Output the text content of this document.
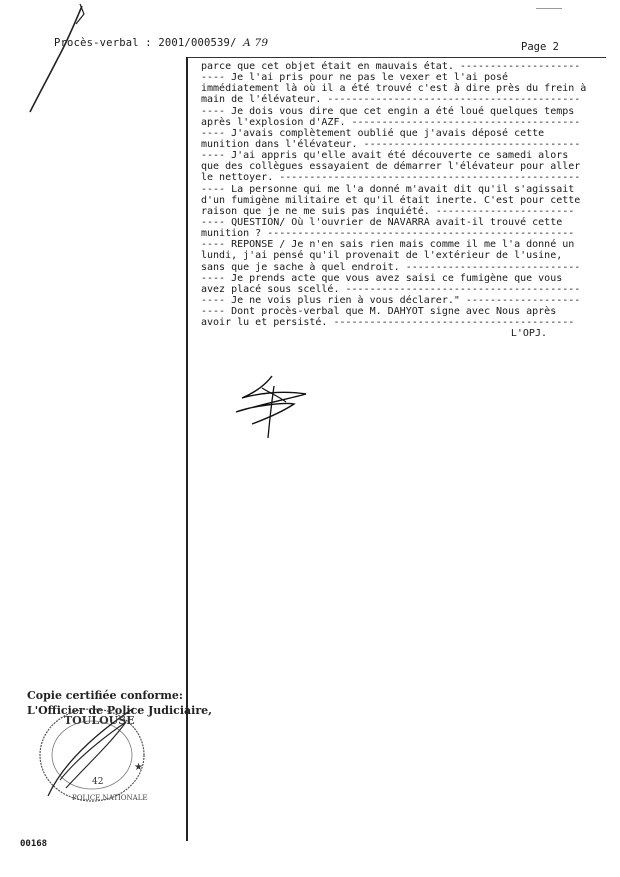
Procès-verbal : 2001/000539/ A 79	Page 2
parce que cet objet était en mauvais état. --------------------
---- Je l'ai pris pour ne pas le vexer et l'ai posé
immédiatement là où il a été trouvé c'est à dire près du frein à
main de l'élévateur. ------------------------------------------
---- Je dois vous dire que cet engin a été loué quelques temps
après l'explosion d'AZF. --------------------------------------
---- J'avais complètement oublié que j'avais déposé cette
munition dans l'élévateur. ------------------------------------
---- J'ai appris qu'elle avait été découverte ce samedi alors
que des collègues essayaient de démarrer l'élévateur pour aller
le nettoyer. --------------------------------------------------
---- La personne qui me l'a donné m'avait dit qu'il s'agissait
d'un fumigène militaire et qu'il était inerte. C'est pour cette
raison que je ne me suis pas inquiété. -----------------------
---- QUESTION/ Où l'ouvrier de NAVARRA avait-il trouvé cette
munition ? ---------------------------------------------------
---- REPONSE / Je n'en sais rien mais comme il me l'a donné un
lundi, j'ai pensé qu'il provenait de l'extérieur de l'usine,
sans que je sache à quel endroit. -----------------------------
---- Je prends acte que vous avez saisi ce fumigène que vous
avez placé sous scellé. ---------------------------------------
---- Je ne vois plus rien à vous déclarer." -------------------
---- Dont procès-verbal que M. DAHYOT signe avec Nous après
avoir lu et persisté. ----------------------------------------
L'OPJ.
Copie certifiée conforme:
L'Officier de Police Judiciaire,
TOULOUSE
42
POLICE NATIONALE
★
00168
